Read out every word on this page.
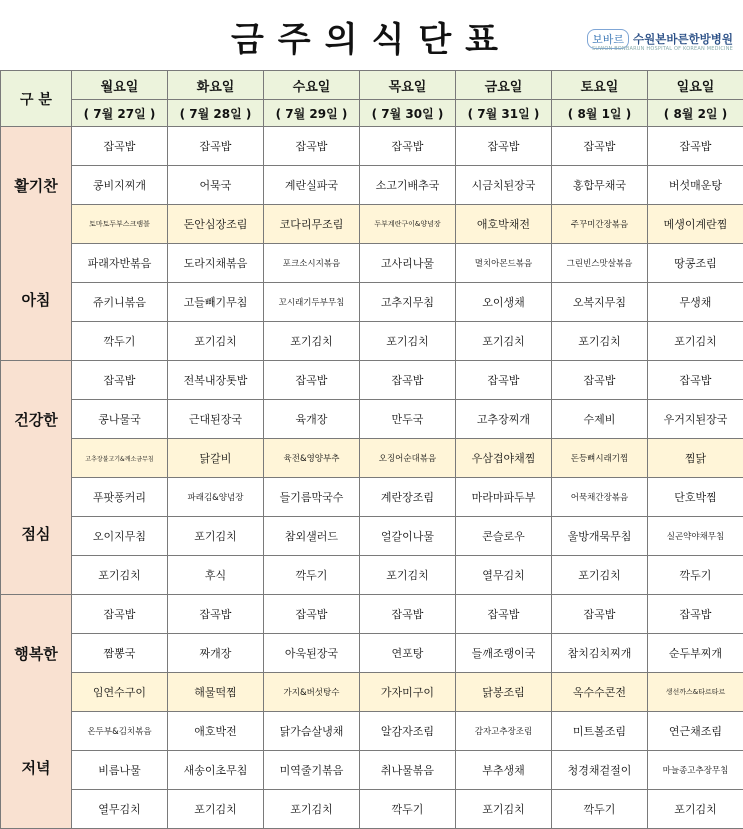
금주의식단표	보바르 수원본바른한방병원
SUWON BONBARUN HOSPITAL OF KOREAN MEDICINE
구 분	월요일	화요일	수요일	목요일	금요일	토요일	일요일
	( 7월 27일 )	( 7월 28일 )	( 7월 29일 )	( 7월 30일 )	( 7월 31일 )	( 8월 1일 )	( 8월 2일 )

활기찬
아침	잡곡밥	잡곡밥	잡곡밥	잡곡밥	잡곡밥	잡곡밥	잡곡밥
	콩비지찌개	어묵국	계란실파국	소고기배추국	시금치된장국	홍합무채국	버섯매운탕
	토마토두부스크램블	돈안심장조림	코다리무조림	두부계란구이&양념장	애호박채전	주꾸미간장볶음	메생이계란찜
	파래자반볶음	도라지채볶음	포크소시지볶음	고사리나물	멸치아몬드볶음	그린빈스맛살볶음	땅콩조림
	쥬키니볶음	고들빼기무침	꼬시래기두부무침	고추지무침	오이생채	오복지무침	무생채
	깍두기	포기김치	포기김치	포기김치	포기김치	포기김치	포기김치

건강한
점심	잡곡밥	전복내장톳밥	잡곡밥	잡곡밥	잡곡밥	잡곡밥	잡곡밥
	콩나물국	근대된장국	육개장	만두국	고추장찌개	수제비	우거지된장국
	고추장불고기&깨소금무침	닭갈비	육전&영양부추	오징어순대볶음	우삼겹야채찜	돈등뼈시래기찜	찜닭
	푸팟퐁커리	파래김&양념장	들기름막국수	계란장조림	마라마파두부	어묵채간장볶음	단호박찜
	오이지무침	포기김치	참외샐러드	얼갈이나물	콘슬로우	울방개묵무침	실곤약야채무침
	포기김치	후식	깍두기	포기김치	열무김치	포기김치	깍두기

행복한
저녁	잡곡밥	잡곡밥	잡곡밥	잡곡밥	잡곡밥	잡곡밥	잡곡밥
	짬뽕국	짜개장	아욱된장국	연포탕	들깨조랭이국	참치김치찌개	순두부찌개
	임연수구이	해물떡찜	가지&버섯탕수	가자미구이	닭봉조림	옥수수콘전	생선까스&타르타르
	온두부&김치볶음	애호박전	닭가슴살냉채	알감자조림	감자고추장조림	미트볼조림	연근채조림
	비름나물	새송이초무침	미역줄기볶음	취나물볶음	부추생채	청경채겉절이	마늘종고추장무침
	열무김치	포기김치	포기김치	깍두기	포기김치	깍두기	포기김치
